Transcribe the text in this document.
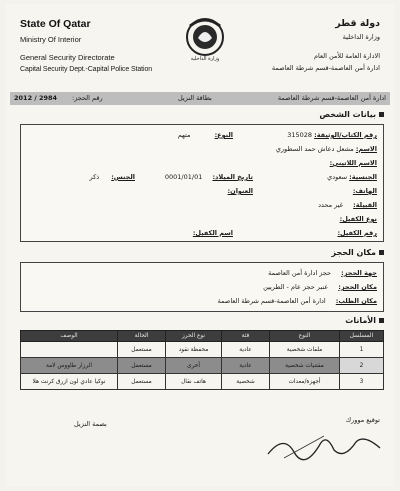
State Of Qatar
Ministry Of Interior
General Security Directorate
Capital Security Dept.-Capital Police Station
وزارة الداخلية
دولة قطر
وزارة الداخلية
الادارة العامة للأمن العام
ادارة أمن العاصمة-قسم شرطة العاصمة
2012 / 2984 رقم الحجز:	بطاقة النزيل	ادارة أمن العاصمة-قسم شرطة العاصمة
بيانات الشخص
رقم الكتاب/الوثيقة: 315028
النوع: متهم
الاسم: مشعل دعاش حمد السطوري
الاسم اللاتيني:
الجنسية: سعودي
تاريخ الميلاد: 0001/01/01
الجنس: ذكر
الهاتف:
العنوان:
القبيلة: غير محدد
نوع الكفيل:
رقم الكفيل:
اسم الكفيل:
مكان الحجز
جهة الحجز: حجز ادارة أمن العاصمة
مكان الحجز: عنبر حجز عام - الطريين
مكان الظلب: ادارة أمن العاصمة-قسم شرطة العاصمة
الأمانات
المسلسل	النوع	فئة	نوع الحرز	الحالة	الوصف
1	ملفات شخصية	عادية	محفظة نقود	مستعمل	
2	مقتنيات شخصية	عادية	أخرى	مستعمل	الرزار طاووس لامة
3	أجهزة/معدات	شخصية	هاتف نقال	مستعمل	نوكيا عادي لون ازرق كرنت هلا
توقيع موورك
بصمة النزيل
